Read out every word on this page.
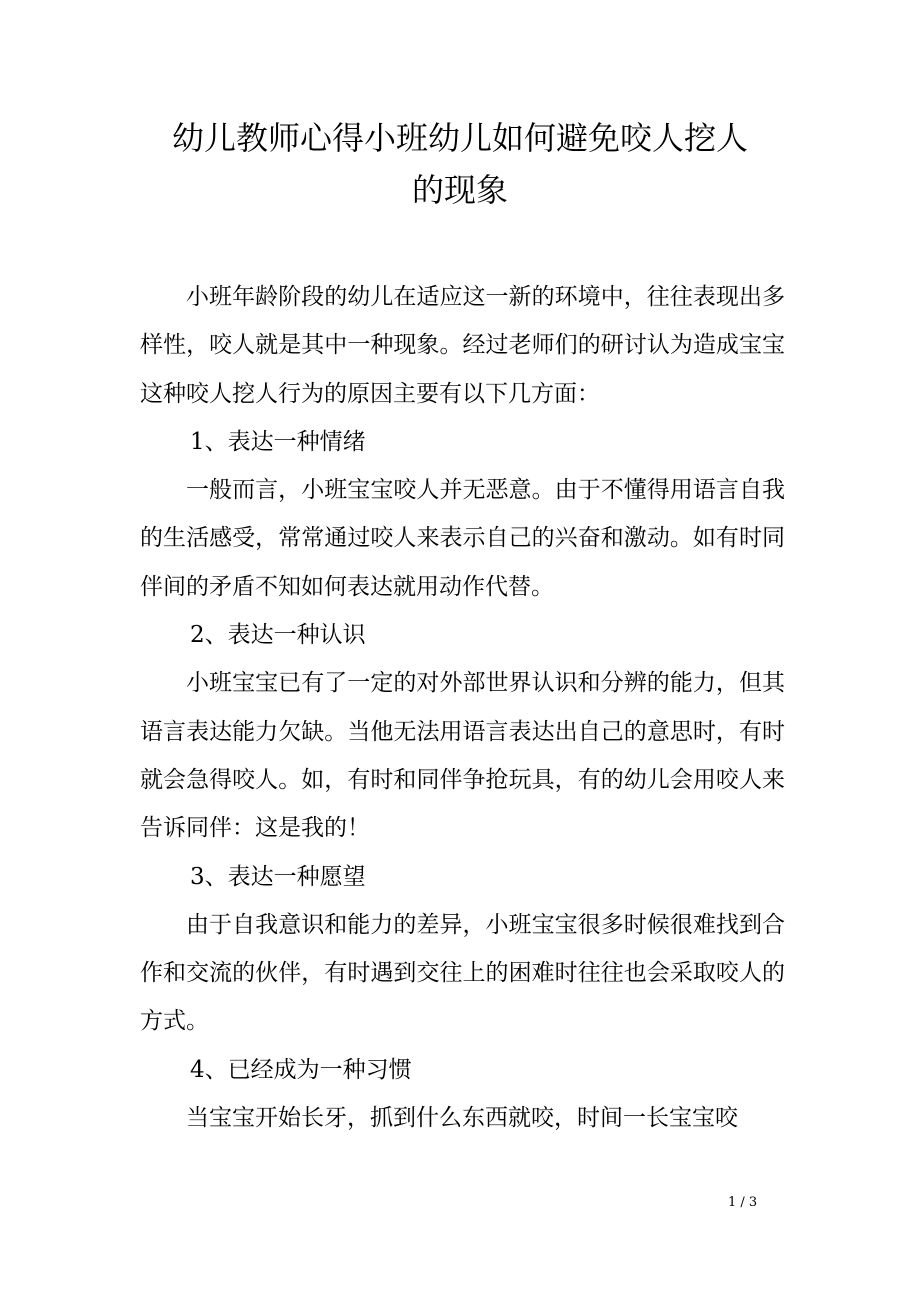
幼儿教师心得小班幼儿如何避免咬人挖人
的现象

小班年龄阶段的幼儿在适应这一新的环境中，往往表现出多样性，咬人就是其中一种现象。经过老师们的研讨认为造成宝宝这种咬人挖人行为的原因主要有以下几方面：

1、表达一种情绪

一般而言，小班宝宝咬人并无恶意。由于不懂得用语言自我的生活感受，常常通过咬人来表示自己的兴奋和激动。如有时同伴间的矛盾不知如何表达就用动作代替。

2、表达一种认识

小班宝宝已有了一定的对外部世界认识和分辨的能力，但其语言表达能力欠缺。当他无法用语言表达出自己的意思时，有时就会急得咬人。如，有时和同伴争抢玩具，有的幼儿会用咬人来告诉同伴：这是我的！

3、表达一种愿望

由于自我意识和能力的差异，小班宝宝很多时候很难找到合作和交流的伙伴，有时遇到交往上的困难时往往也会采取咬人的方式。

4、已经成为一种习惯

当宝宝开始长牙，抓到什么东西就咬，时间一长宝宝咬

1 / 3
